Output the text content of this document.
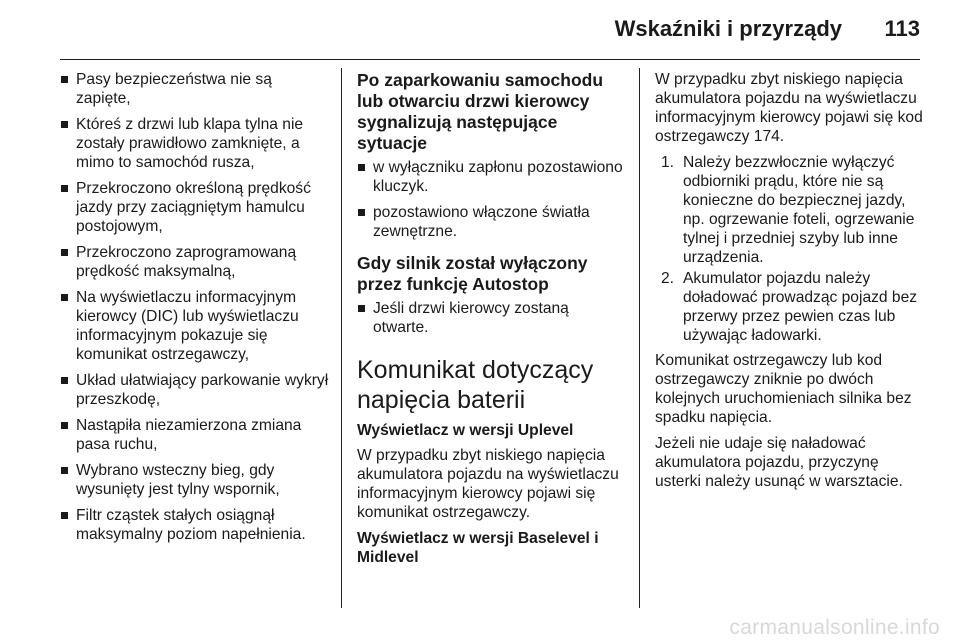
Wskaźniki i przyrządy 113
Pasy bezpieczeństwa nie są zapięte,
Któreś z drzwi lub klapa tylna nie zostały prawidłowo zamknięte, a mimo to samochód rusza,
Przekroczono określoną prędkość jazdy przy zaciągniętym hamulcu postojowym,
Przekroczono zaprogramowaną prędkość maksymalną,
Na wyświetlaczu informacyjnym kierowcy (DIC) lub wyświetlaczu informacyjnym pokazuje się komunikat ostrzegawczy,
Układ ułatwiający parkowanie wykrył przeszkodę,
Nastąpiła niezamierzona zmiana pasa ruchu,
Wybrano wsteczny bieg, gdy wysunięty jest tylny wspornik,
Filtr cząstek stałych osiągnął maksymalny poziom napełnienia.
Po zaparkowaniu samochodu lub otwarciu drzwi kierowcy sygnalizują następujące sytuacje
w wyłączniku zapłonu pozostawiono kluczyk.
pozostawiono włączone światła zewnętrzne.
Gdy silnik został wyłączony przez funkcję Autostop
Jeśli drzwi kierowcy zostaną otwarte.
Komunikat dotyczący napięcia baterii
Wyświetlacz w wersji Uplevel

W przypadku zbyt niskiego napięcia akumulatora pojazdu na wyświetlaczu informacyjnym kierowcy pojawi się komunikat ostrzegawczy.

Wyświetlacz w wersji Baselevel i Midlevel

W przypadku zbyt niskiego napięcia akumulatora pojazdu na wyświetlaczu informacyjnym kierowcy pojawi się kod ostrzegawczy 174.

1. Należy bezzwłocznie wyłączyć odbiorniki prądu, które nie są konieczne do bezpiecznej jazdy, np. ogrzewanie foteli, ogrzewanie tylnej i przedniej szyby lub inne urządzenia.
2. Akumulator pojazdu należy doładować prowadząc pojazd bez przerwy przez pewien czas lub używając ładowarki.

Komunikat ostrzegawczy lub kod ostrzegawczy zniknie po dwóch kolejnych uruchomieniach silnika bez spadku napięcia.

Jeżeli nie udaje się naładować akumulatora pojazdu, przyczynę usterki należy usunąć w warsztacie.

carmanualsonline.info
